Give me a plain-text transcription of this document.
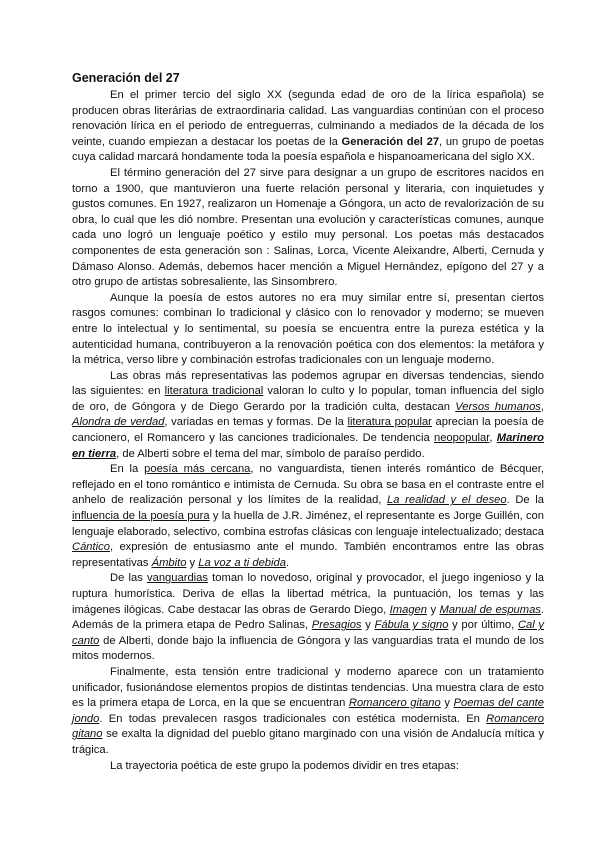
Generación del 27

En el primer tercio del siglo XX (segunda edad de oro de la lírica española) se producen obras literárias de extraordinaria calidad. Las vanguardias continúan con el proceso renovación lírica en el periodo de entreguerras, culminando a mediados de la década de los veinte, cuando empiezan a destacar los poetas de la Generación del 27, un grupo de poetas cuya calidad marcará hondamente toda la poesía española e hispanoamericana del siglo XX.

El término generación del 27 sirve para designar a un grupo de escritores nacidos en torno a 1900, que mantuvieron una fuerte relación personal y literaria, con inquietudes y gustos comunes. En 1927, realizaron un Homenaje a Góngora, un acto de revalorización de su obra, lo cual que les dió nombre. Presentan una evolución y características comunes, aunque cada uno logró un lenguaje poético y estilo muy personal. Los poetas más destacados componentes de esta generación son : Salinas, Lorca, Vicente Aleixandre, Alberti, Cernuda y Dámaso Alonso. Además, debemos hacer mención a Miguel Hernández, epígono del 27 y a otro grupo de artistas sobresaliente, las Sinsombrero.

Aunque la poesía de estos autores no era muy similar entre sí, presentan ciertos rasgos comunes: combinan lo tradicional y clásico con lo renovador y moderno; se mueven entre lo intelectual y lo sentimental, su poesía se encuentra entre la pureza estética y la autenticidad humana, contribuyeron a la renovación poética con dos elementos: la metáfora y la métrica, verso libre y combinación estrofas tradicionales con un lenguaje moderno.

Las obras más representativas las podemos agrupar en diversas tendencias, siendo las siguientes: en literatura tradicional valoran lo culto y lo popular, toman influencia del siglo de oro, de Góngora y de Diego Gerardo por la tradición culta, destacan Versos humanos, Alondra de verdad, variadas en temas y formas. De la literatura popular aprecian la poesía de cancionero, el Romancero y las canciones tradicionales. De tendencia neopopular, Marinero en tierra, de Alberti sobre el tema del mar, símbolo de paraíso perdido.

En la poesía más cercana, no vanguardista, tienen interés romántico de Bécquer, reflejado en el tono romántico e intimista de Cernuda. Su obra se basa en el contraste entre el anhelo de realización personal y los límites de la realidad, La realidad y el deseo. De la influencia de la poesía pura y la huella de J.R. Jiménez, el representante es Jorge Guillén, con lenguaje elaborado, selectivo, combina estrofas clásicas con lenguaje intelectualizado; destaca Cántico, expresión de entusiasmo ante el mundo. También encontramos entre las obras representativas Ámbito y La voz a ti debida.

De las vanguardias toman lo novedoso, original y provocador, el juego ingenioso y la ruptura humorística. Deriva de ellas la libertad métrica, la puntuación, los temas y las imágenes ilógicas. Cabe destacar las obras de Gerardo Diego, Imagen y Manual de espumas. Además de la primera etapa de Pedro Salinas, Presagios y Fábula y signo y por último, Cal y canto de Alberti, donde bajo la influencia de Góngora y las vanguardias trata el mundo de los mitos modernos.

Finalmente, esta tensión entre tradicional y moderno aparece con un tratamiento unificador, fusionándose elementos propios de distintas tendencias. Una muestra clara de esto es la primera etapa de Lorca, en la que se encuentran Romancero gitano y Poemas del cante jondo. En todas prevalecen rasgos tradicionales con estética modernista. En Romancero gitano se exalta la dignidad del pueblo gitano marginado con una visión de Andalucía mítica y trágica.

La trayectoria poética de este grupo la podemos dividir en tres etapas:
